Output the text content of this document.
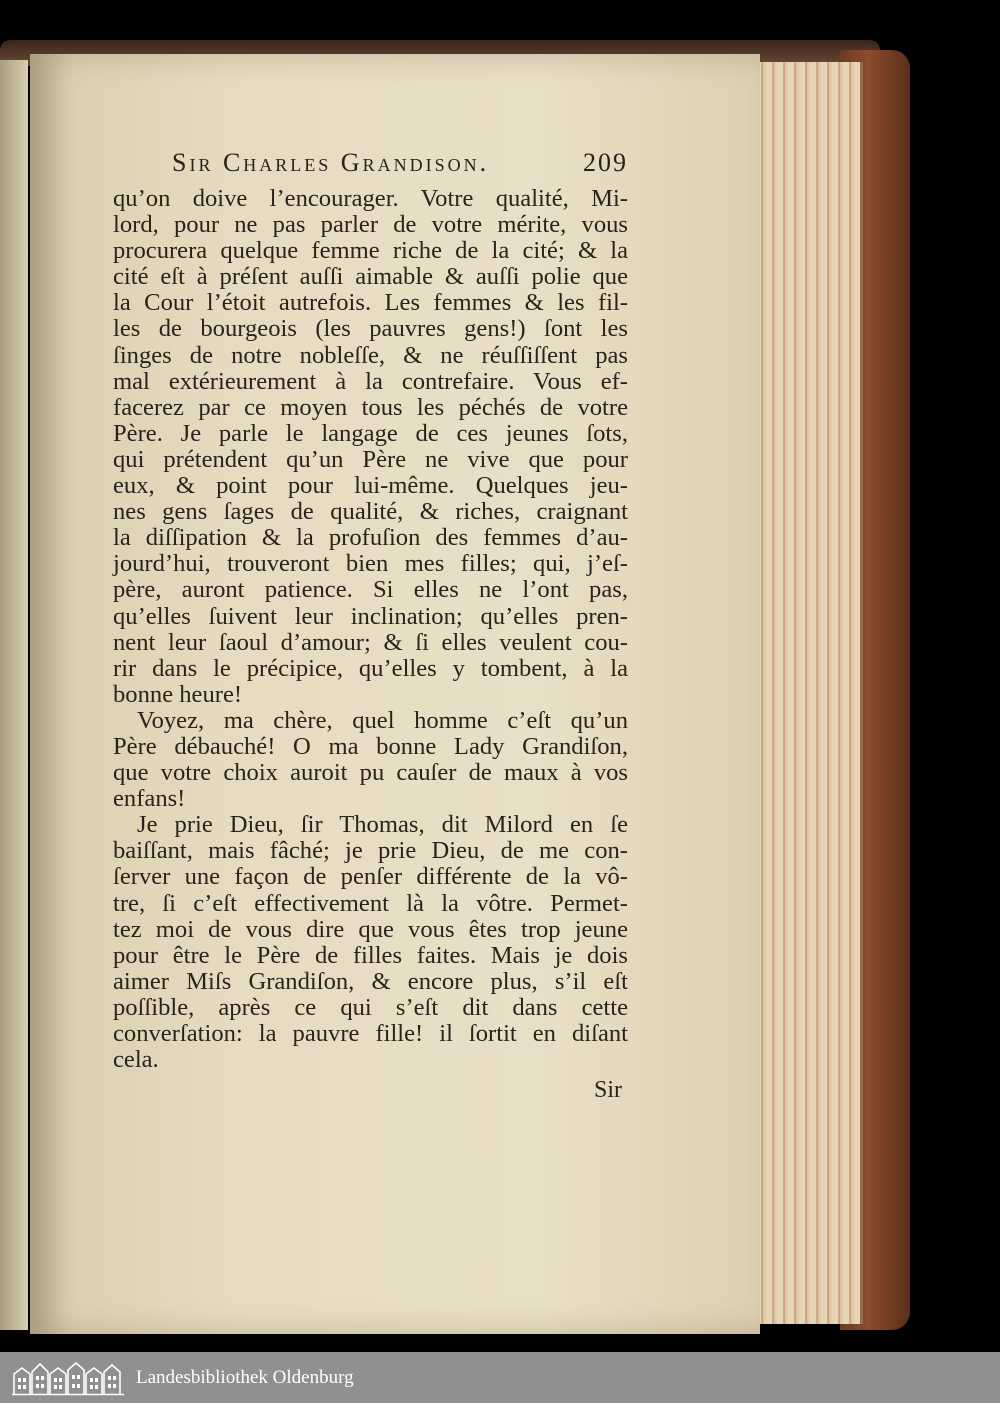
Sir Charles Grandison.	209
qu’on doive l’encourager. Votre qualité, Mi-
lord, pour ne pas parler de votre mérite, vous
procurera quelque femme riche de la cité; & la
cité eſt à préſent auſſi aimable & auſſi polie que
la Cour l’étoit autrefois. Les femmes & les fil-
les de bourgeois (les pauvres gens!) ſont les
ſinges de notre nobleſſe, & ne réuſſiſſent pas
mal extérieurement à la contrefaire. Vous ef-
facerez par ce moyen tous les péchés de votre
Père. Je parle le langage de ces jeunes ſots,
qui prétendent qu’un Père ne vive que pour
eux, & point pour lui-même. Quelques jeu-
nes gens ſages de qualité, & riches, craignant
la diſſipation & la profuſion des femmes d’au-
jourd’hui, trouveront bien mes filles; qui, j’eſ-
père, auront patience. Si elles ne l’ont pas,
qu’elles ſuivent leur inclination; qu’elles pren-
nent leur ſaoul d’amour; & ſi elles veulent cou-
rir dans le précipice, qu’elles y tombent, à la
bonne heure!
Voyez, ma chère, quel homme c’eſt qu’un
Père débauché! O ma bonne Lady Grandiſon,
que votre choix auroit pu cauſer de maux à vos
enfans!
Je prie Dieu, ſir Thomas, dit Milord en ſe
baiſſant, mais fâché; je prie Dieu, de me con-
ſerver une façon de penſer différente de la vô-
tre, ſi c’eſt effectivement là la vôtre. Permet-
tez moi de vous dire que vous êtes trop jeune
pour être le Père de filles faites. Mais je dois
aimer Miſs Grandiſon, & encore plus, s’il eſt
poſſible, après ce qui s’eſt dit dans cette
converſation: la pauvre fille! il ſortit en diſant
cela.
Sir
Landesbibliothek Oldenburg
